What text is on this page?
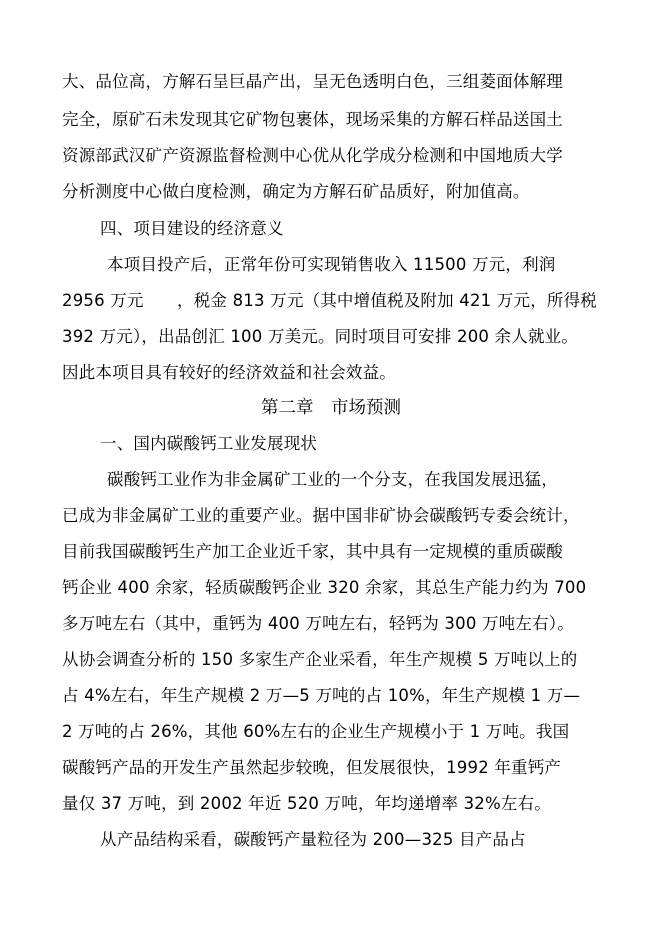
大、品位高，方解石呈巨晶产出，呈无色透明白色，三组菱面体解理
完全，原矿石未发现其它矿物包裹体，现场采集的方解石样品送国土
资源部武汉矿产资源监督检测中心优从化学成分检测和中国地质大学
分析测度中心做白度检测，确定为方解石矿品质好，附加值高。
四、项目建设的经济意义
本项目投产后，正常年份可实现销售收入 11500 万元，利润
2956 万元　　，税金 813 万元（其中增值税及附加 421 万元，所得税
392 万元），出品创汇 100 万美元。同时项目可安排 200 余人就业。
因此本项目具有较好的经济效益和社会效益。
第二章　市场预测
一、国内碳酸钙工业发展现状
碳酸钙工业作为非金属矿工业的一个分支，在我国发展迅猛，
已成为非金属矿工业的重要产业。据中国非矿协会碳酸钙专委会统计，
目前我国碳酸钙生产加工企业近千家，其中具有一定规模的重质碳酸
钙企业 400 余家，轻质碳酸钙企业 320 余家，其总生产能力约为 700
多万吨左右（其中，重钙为 400 万吨左右，轻钙为 300 万吨左右）。
从协会调查分析的 150 多家生产企业采看，年生产规模 5 万吨以上的
占 4%左右，年生产规模 2 万—5 万吨的占 10%，年生产规模 1 万—
2 万吨的占 26%，其他 60%左右的企业生产规模小于 1 万吨。我国
碳酸钙产品的开发生产虽然起步较晚，但发展很快，1992 年重钙产
量仅 37 万吨，到 2002 年近 520 万吨，年均递增率 32%左右。
从产品结构采看，碳酸钙产量粒径为 200—325 目产品占
